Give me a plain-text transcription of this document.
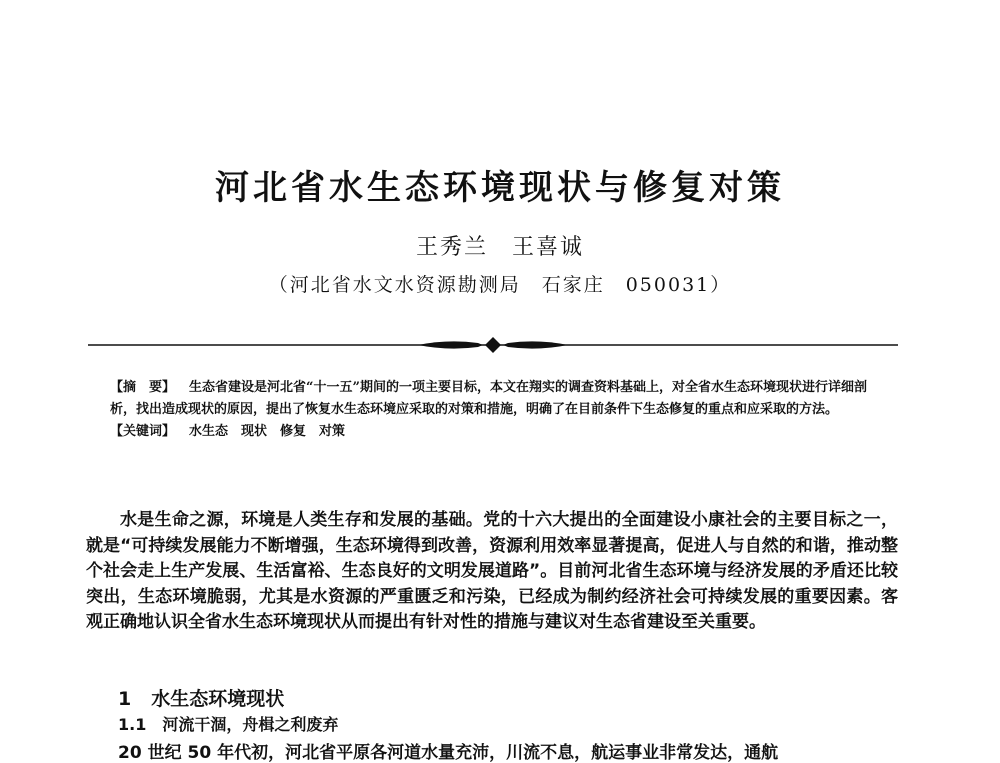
河北省水生态环境现状与修复对策
王秀兰　王喜诚
（河北省水文水资源勘测局　石家庄　050031）
【摘　要】 生态省建设是河北省“十一五”期间的一项主要目标，本文在翔实的调查资料基础上，对全省水生态环境现状进行详细剖析，找出造成现状的原因，提出了恢复水生态环境应采取的对策和措施，明确了在目前条件下生态修复的重点和应采取的方法。
【关键词】 水生态　现状　修复　对策

水是生命之源，环境是人类生存和发展的基础。党的十六大提出的全面建设小康社会的主要目标之一，就是“可持续发展能力不断增强，生态环境得到改善，资源利用效率显著提高，促进人与自然的和谐，推动整个社会走上生产发展、生活富裕、生态良好的文明发展道路”。目前河北省生态环境与经济发展的矛盾还比较突出，生态环境脆弱，尤其是水资源的严重匮乏和污染，已经成为制约经济社会可持续发展的重要因素。客观正确地认识全省水生态环境现状从而提出有针对性的措施与建议对生态省建设至关重要。

1 水生态环境现状
1.1 河流干涸，舟楫之利废弃
20 世纪 50 年代初，河北省平原各河道水量充沛，川流不息，航运事业非常发达，通航
